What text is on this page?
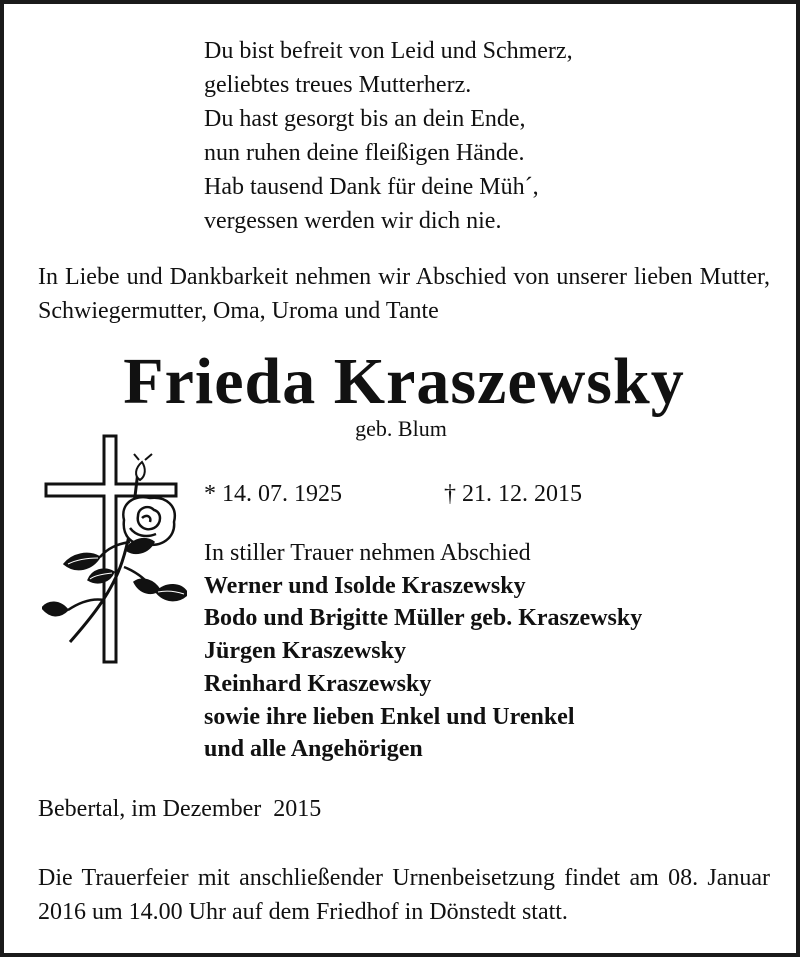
Du bist befreit von Leid und Schmerz,
geliebtes treues Mutterherz.
Du hast gesorgt bis an dein Ende,
nun ruhen deine fleißigen Hände.
Hab tausend Dank für deine Müh´,
vergessen werden wir dich nie.
In Liebe und Dankbarkeit nehmen wir Abschied von unserer lieben Mutter, Schwiegermutter, Oma, Uroma und Tante
Frieda Kraszewsky
geb. Blum
* 14. 07. 1925	† 21. 12. 2015
In stiller Trauer nehmen Abschied
Werner und Isolde Kraszewsky
Bodo und Brigitte Müller geb. Kraszewsky
Jürgen Kraszewsky
Reinhard Kraszewsky
sowie ihre lieben Enkel und Urenkel
und alle Angehörigen
Bebertal, im Dezember  2015
Die Trauerfeier mit anschließender Urnenbeisetzung findet am 08. Januar 2016 um 14.00 Uhr auf dem Friedhof in Dönstedt statt.
